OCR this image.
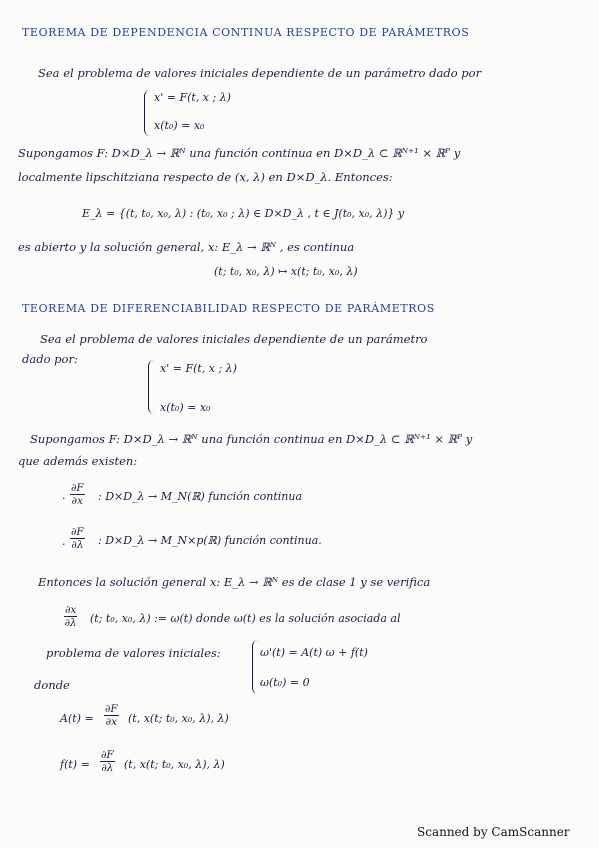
TEOREMA DE DEPENDENCIA CONTINUA RESPECTO DE PARÁMETROS
Sea el problema de valores iniciales dependiente de un parámetro dado por
x' = F(t, x ; λ)
x(t₀) = x₀
Supongamos F: D×D_λ → ℝᴺ una función continua en D×D_λ ⊂ ℝᴺ⁺¹ × ℝᴾ y
localmente lipschitziana respecto de (x, λ) en D×D_λ. Entonces:
E_λ = {(t, t₀, x₀, λ) : (t₀, x₀ ; λ) ∈ D×D_λ , t ∈ J(t₀, x₀, λ)} y
es abierto y la solución general, x: E_λ → ℝᴺ , es continua
(t; t₀, x₀, λ) ↦ x(t; t₀, x₀, λ)
TEOREMA DE DIFERENCIABILIDAD RESPECTO DE PARÁMETROS
Sea el problema de valores iniciales dependiente de un parámetro
dado por:
x' = F(t, x ; λ)
x(t₀) = x₀
Supongamos F: D×D_λ → ℝᴺ una función continua en D×D_λ ⊂ ℝᴺ⁺¹ × ℝᴾ y
que además existen:
· $\frac{\partial F}{\partial x}$ : D×D_λ → M_N(ℝ) función continua
· $\frac{\partial F}{\partial\lambda}$ : D×D_λ → M_N×p(ℝ) función continua.
Entonces la solución general x: E_λ → ℝᴺ es de clase 1 y se verifica
$\frac{\partial x}{\partial\lambda} (t$; t₀, x₀, λ) := ω(t) donde ω(t) es la solución asociada al
problema de valores iniciales:	ω'(t) = A(t) ω + f(t)
ω(t₀) = 0
donde
$A(t) = \frac{\partial F}{\partial x} (t$, x(t; t₀, x₀, λ), λ)
$f(t) = \frac{\partial F}{\partial\lambda} (t$, x(t; t₀, x₀, λ), λ)
Scanned by CamScanner
